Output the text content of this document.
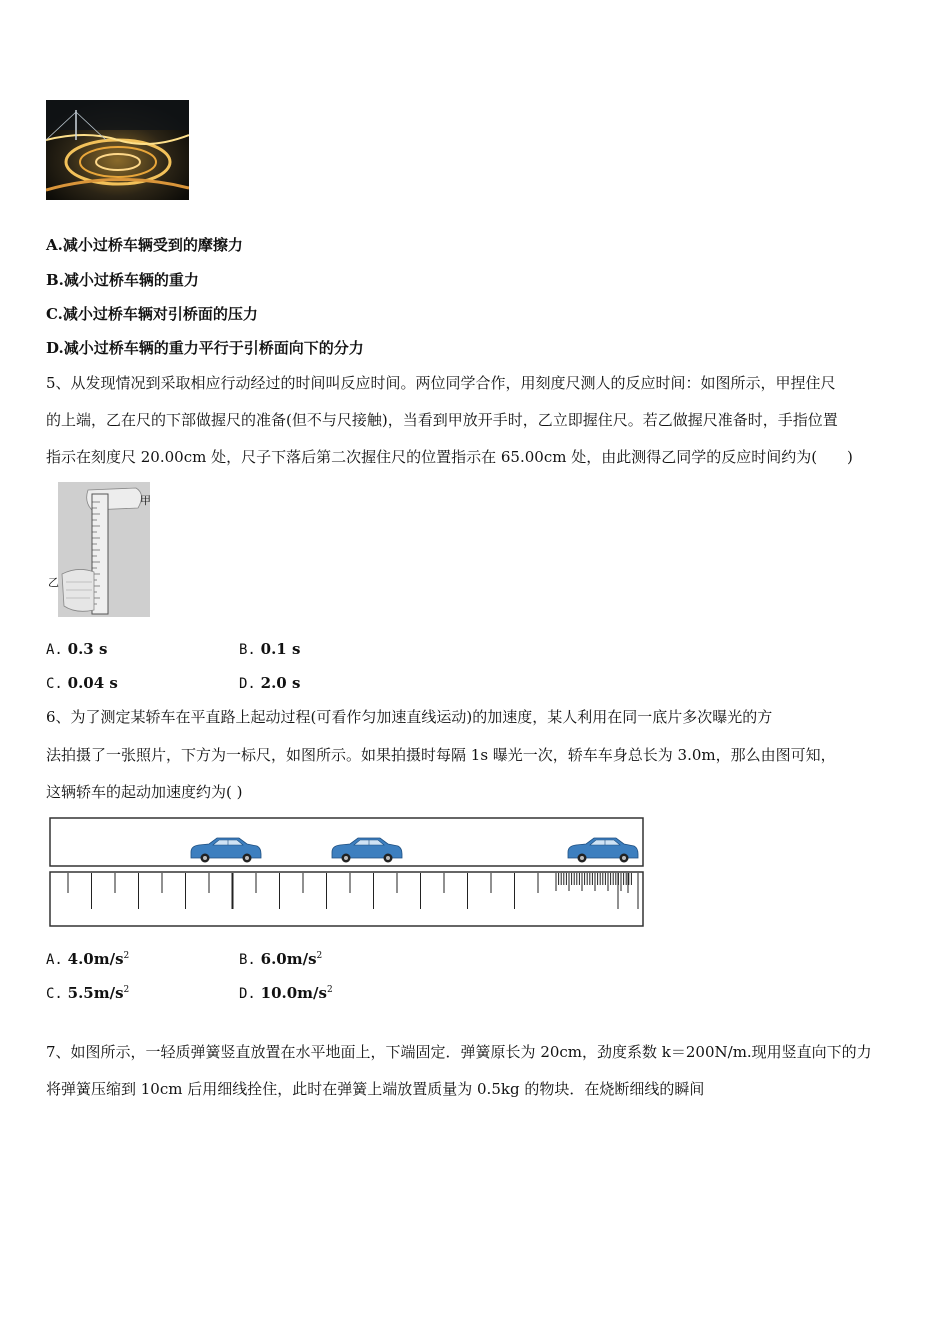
A.减小过桥车辆受到的摩擦力
B.减小过桥车辆的重力
C.减小过桥车辆对引桥面的压力
D.减小过桥车辆的重力平行于引桥面向下的分力
5、从发现情况到采取相应行动经过的时间叫反应时间。两位同学合作，用刻度尺测人的反应时间：如图所示，甲捏住尺
的上端，乙在尺的下部做握尺的准备(但不与尺接触)，当看到甲放开手时，乙立即握住尺。若乙做握尺准备时，手指位置
指示在刻度尺 20.00cm 处，尺子下落后第二次握住尺的位置指示在 65.00cm 处，由此测得乙同学的反应时间约为(　　)
甲
乙
A. 0.3 s	B. 0.1 s
C. 0.04 s	D. 2.0 s
6、为了测定某轿车在平直路上起动过程(可看作匀加速直线运动)的加速度，某人利用在同一底片多次曝光的方
法拍摄了一张照片，下方为一标尺，如图所示。如果拍摄时每隔 1s 曝光一次，轿车车身总长为 3.0m，那么由图可知，
这辆轿车的起动加速度约为( )
A. $4.0m/s^2$	B. $6.0m/s^2$
C. $5.5m/s^2$	D. $10.0m/s^2$
7、如图所示，一轻质弹簧竖直放置在水平地面上，下端固定．弹簧原长为 20cm，劲度系数 k＝200N/m.现用竖直向下的力
将弹簧压缩到 10cm 后用细线拴住，此时在弹簧上端放置质量为 0.5kg 的物块．在烧断细线的瞬间
